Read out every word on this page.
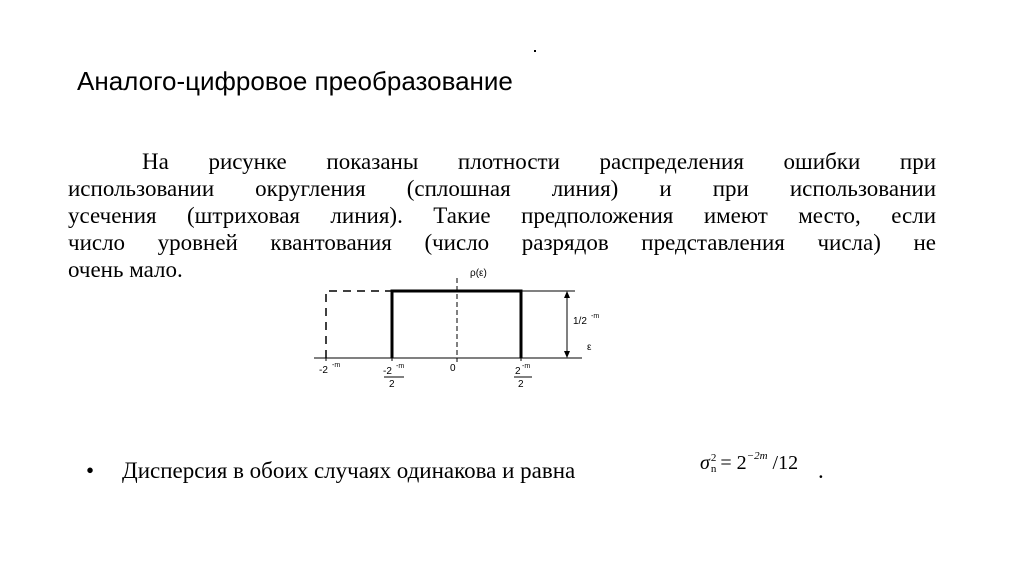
Аналого-цифровое преобразование
На рисунке показаны плотности распределения ошибки при
использовании округления (сплошная линия) и при использовании
усечения (штриховая линия). Такие предположения имеют место, если
число уровней квантования (число разрядов представления числа) не
очень мало.	ρ(ε)
1/2 -m
ε
-2 -m
-2 -m
2
0	2 -m
2
• Дисперсия в обоих случаях одинакова и равна	σ 2
$n = 2^{-2m}$ /12 .
